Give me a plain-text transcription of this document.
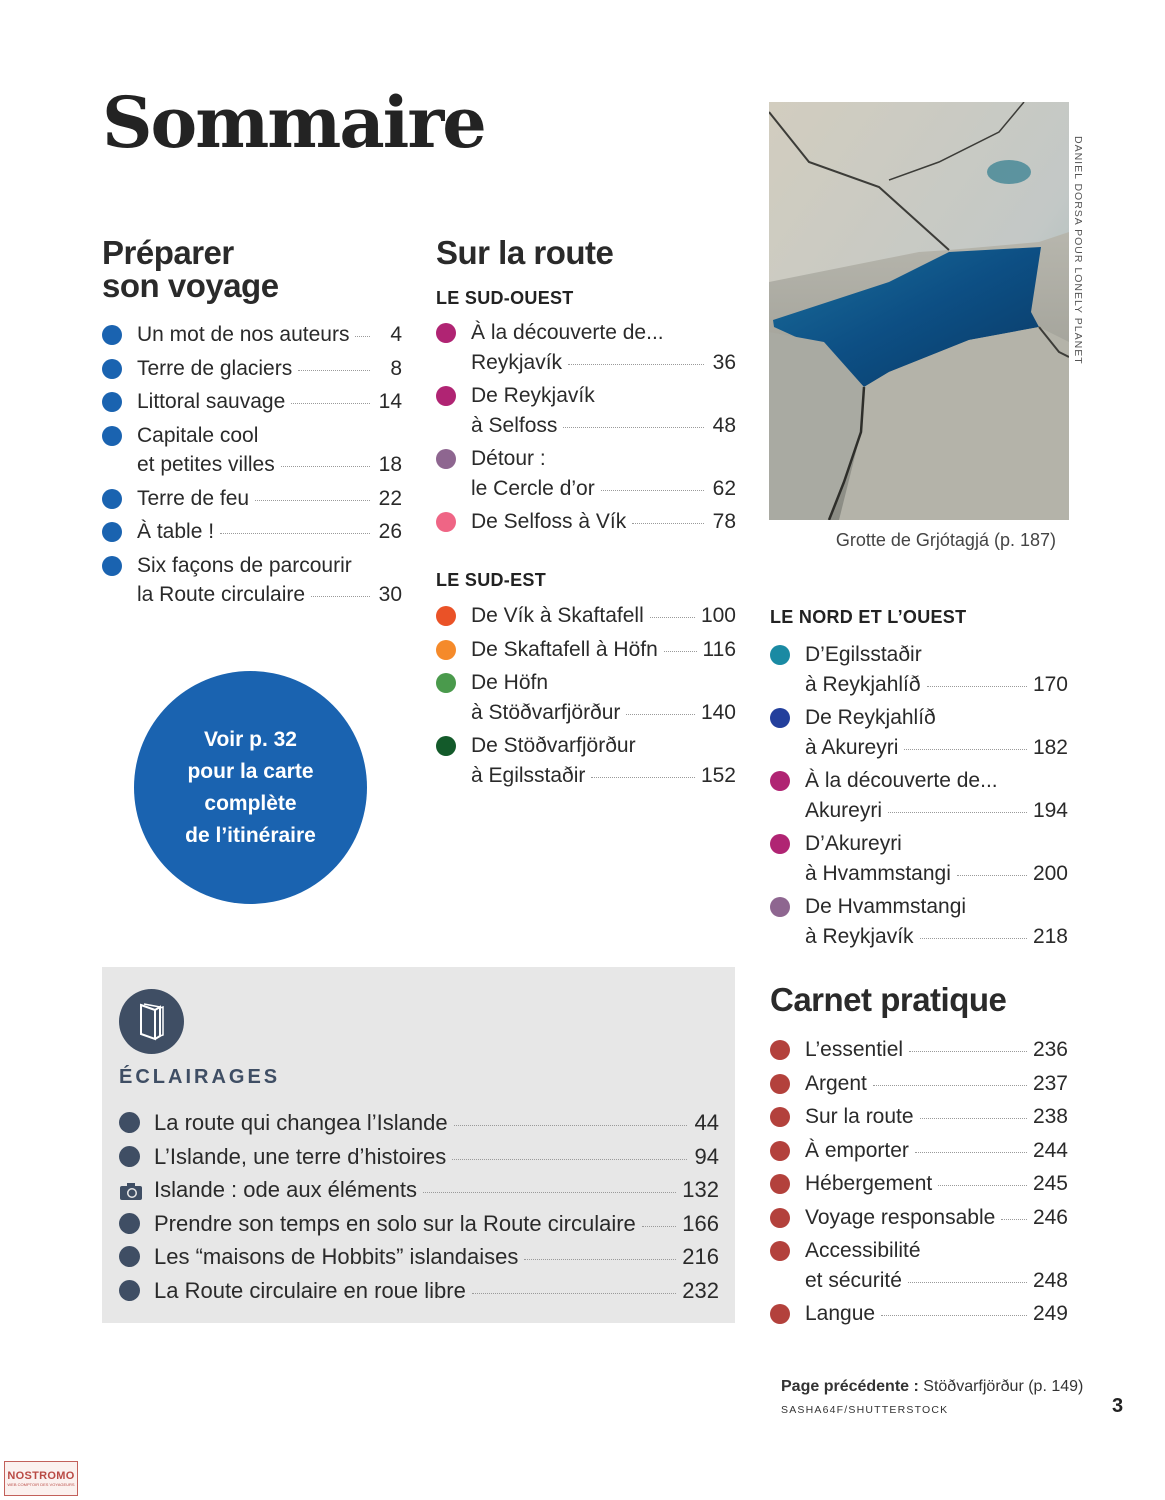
Sommaire
Préparer
son voyage
Un mot de nos auteurs	4
Terre de glaciers	8
Littoral sauvage	14
Capitale cool
et petites villes	18
Terre de feu	22
À table !	26
Six façons de parcourir
la Route circulaire	30
Voir p. 32
pour la carte
complète
de l’itinéraire
Sur la route
LE SUD-OUEST
À la découverte de...
Reykjavík	36
De Reykjavík
à Selfoss	48
Détour :
le Cercle d’or	62
De Selfoss à Vík	78
LE SUD-EST
De Vík à Skaftafell	100
De Skaftafell à Höfn 116
De Höfn
à Stöðvarfjörður	140
De Stöðvarfjörður
à Egilsstaðir	152
DANIEL DORSA POUR LONELY PLANET
Grotte de Grjótagjá (p. 187)
LE NORD ET L’OUEST
D’Egilsstaðir
à Reykjahlíð	170
De Reykjahlíð
à Akureyri	182
À la découverte de...
Akureyri	194
D’Akureyri
à Hvammstangi	200
De Hvammstangi
à Reykjavík	218
Carnet pratique
L’essentiel	236
Argent	237
Sur la route	238
À emporter	244
Hébergement	245
Voyage responsable 246
Accessibilité
et sécurité	248
Langue	249
ÉCLAIRAGES
La route qui changea l’Islande	44
L’Islande, une terre d’histoires	94
Islande : ode aux éléments	132
Prendre son temps en solo sur la Route circulaire 166
Les “maisons de Hobbits” islandaises	216
La Route circulaire en roue libre	232
Page précédente : Stöðvarfjörður (p. 149)
SASHA64F/SHUTTERSTOCK	3
NOSTROMO
WEB COMPTOIR DES VOYAGEURS
